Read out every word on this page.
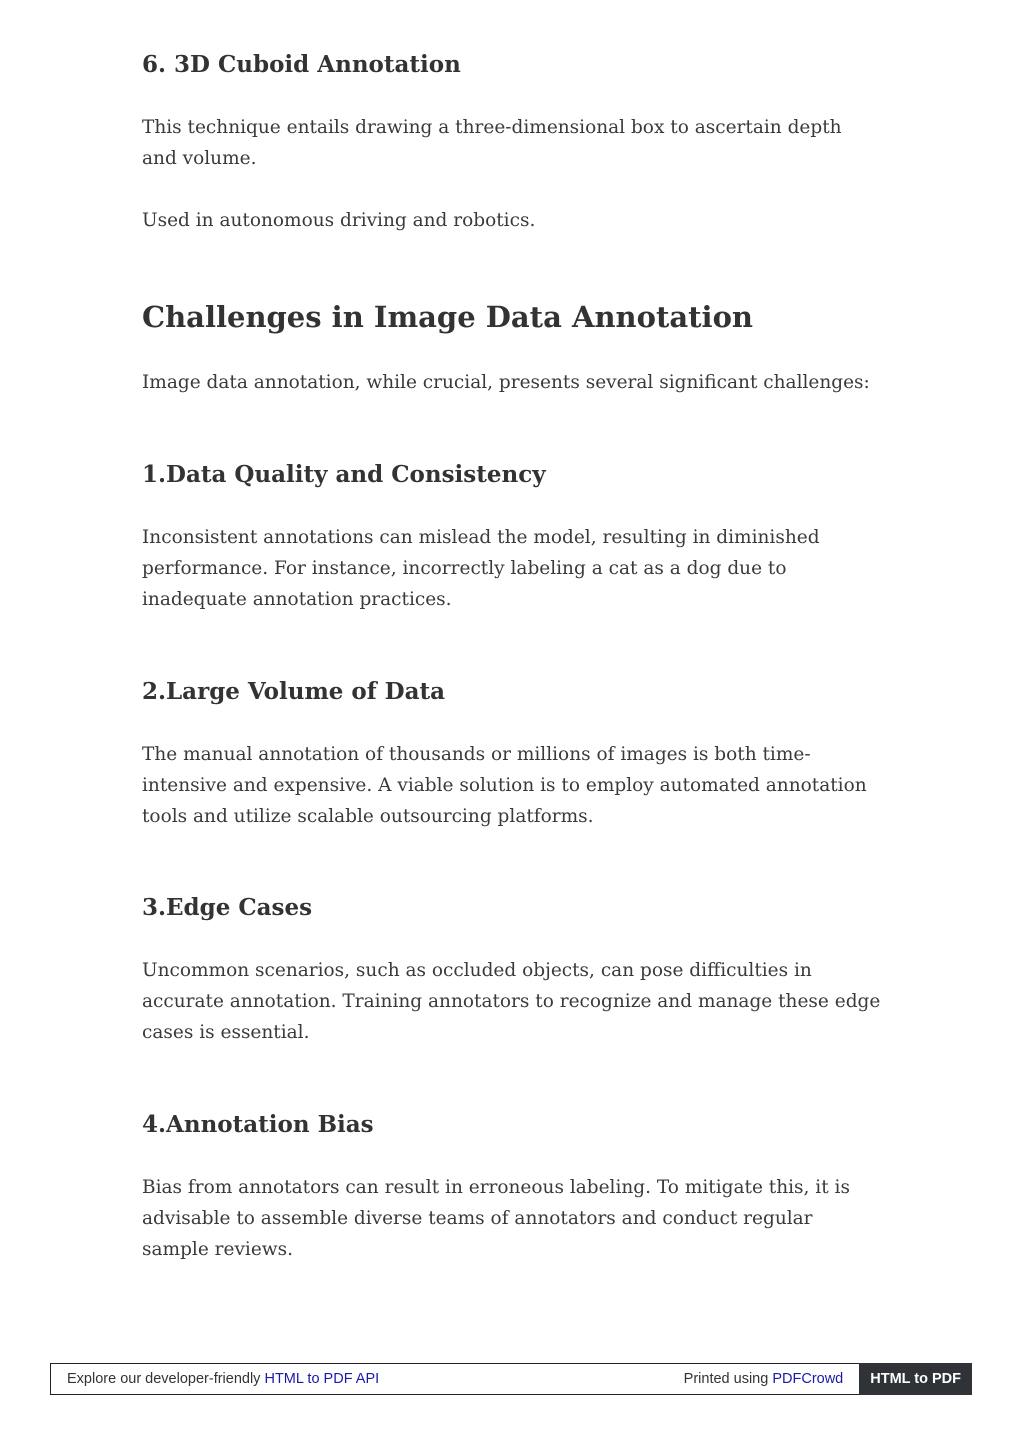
6. 3D Cuboid Annotation

This technique entails drawing a three-dimensional box to ascertain depth and volume.

Used in autonomous driving and robotics.

Challenges in Image Data Annotation

Image data annotation, while crucial, presents several significant challenges:

1.Data Quality and Consistency

Inconsistent annotations can mislead the model, resulting in diminished performance. For instance, incorrectly labeling a cat as a dog due to inadequate annotation practices.

2.Large Volume of Data

The manual annotation of thousands or millions of images is both time-intensive and expensive. A viable solution is to employ automated annotation tools and utilize scalable outsourcing platforms.

3.Edge Cases

Uncommon scenarios, such as occluded objects, can pose difficulties in accurate annotation. Training annotators to recognize and manage these edge cases is essential.

4.Annotation Bias

Bias from annotators can result in erroneous labeling. To mitigate this, it is advisable to assemble diverse teams of annotators and conduct regular sample reviews.

Explore our developer-friendly HTML to PDF API	Printed using PDFCrowd	HTML to PDF
